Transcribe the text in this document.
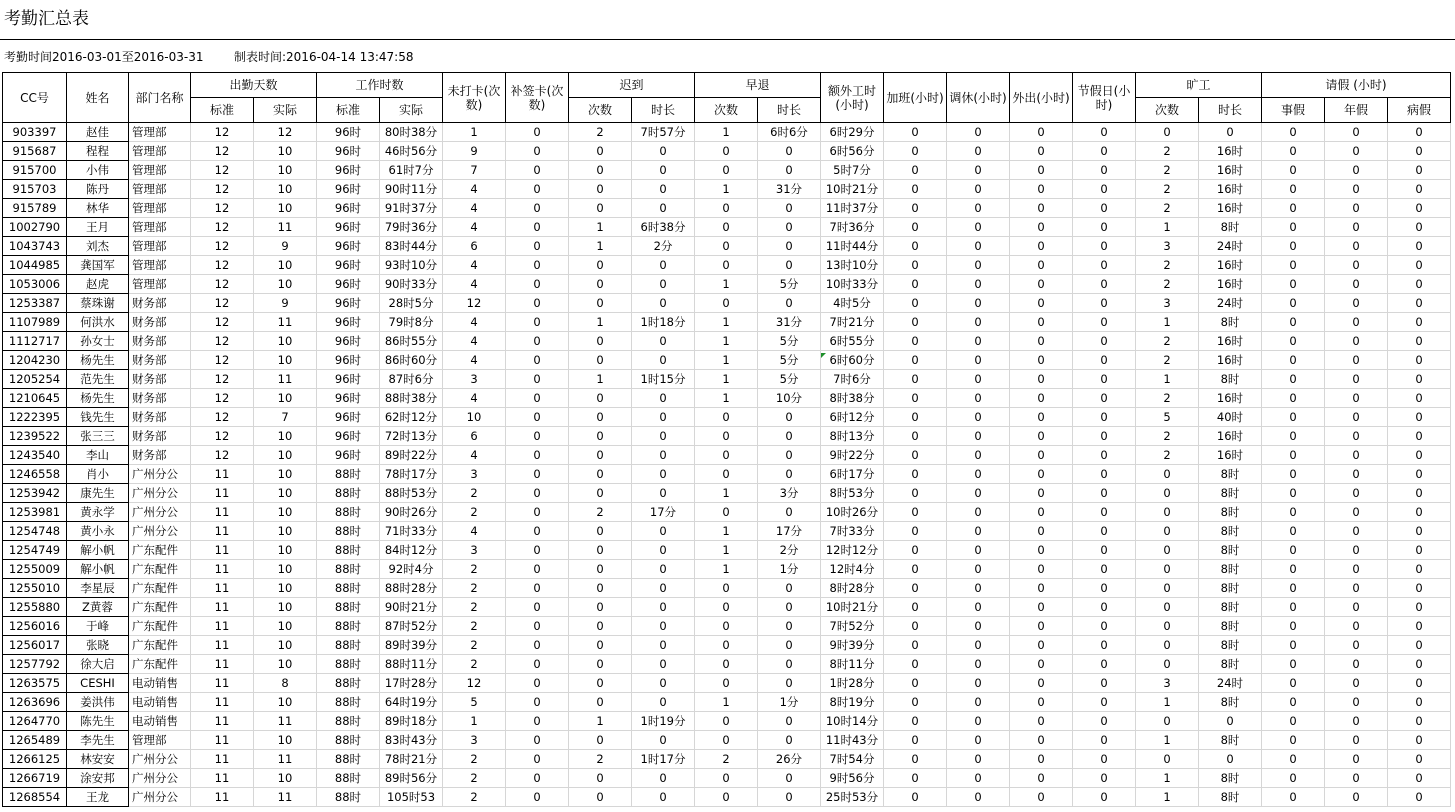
考勤汇总表
考勤时间2016-03-01至2016-03-31        制表时间:2016-04-14 13:47:58
CC号	姓名	部门名称	出勤天数		工作时数		未打卡(次数)	补签卡(次数)	迟到		早退		额外工时(小时)	加班(小时)	调休(小时)	外出(小时)	节假日(小时)	旷工		请假 (小时)		
			标准	实际	标准	实际			次数	时长	次数	时长						次数	时长	事假	年假	病假
903397	赵佳	管理部	12	12	96时	80时38分	1	0	2	7时57分	1	6时6分	6时29分	0	0	0	0	0	0	0	0	0
915687	程程	管理部	12	10	96时	46时56分	9	0	0	0	0	0	6时56分	0	0	0	0	2	16时	0	0	0
915700	小伟	管理部	12	10	96时	61时7分	7	0	0	0	0	0	5时7分	0	0	0	0	2	16时	0	0	0
915703	陈丹	管理部	12	10	96时	90时11分	4	0	0	0	1	31分	10时21分	0	0	0	0	2	16时	0	0	0
915789	林华	管理部	12	10	96时	91时37分	4	0	0	0	0	0	11时37分	0	0	0	0	2	16时	0	0	0
1002790	王月	管理部	12	11	96时	79时36分	4	0	1	6时38分	0	0	7时36分	0	0	0	0	1	8时	0	0	0
1043743	刘杰	管理部	12	9	96时	83时44分	6	0	1	2分	0	0	11时44分	0	0	0	0	3	24时	0	0	0
1044985	龚国军	管理部	12	10	96时	93时10分	4	0	0	0	0	0	13时10分	0	0	0	0	2	16时	0	0	0
1053006	赵虎	管理部	12	10	96时	90时33分	4	0	0	0	1	5分	10时33分	0	0	0	0	2	16时	0	0	0
1253387	蔡珠谢	财务部	12	9	96时	28时5分	12	0	0	0	0	0	4时5分	0	0	0	0	3	24时	0	0	0
1107989	何洪水	财务部	12	11	96时	79时8分	4	0	1	1时18分	1	31分	7时21分	0	0	0	0	1	8时	0	0	0
1112717	孙女士	财务部	12	10	96时	86时55分	4	0	0	0	1	5分	6时55分	0	0	0	0	2	16时	0	0	0
1204230	杨先生	财务部	12	10	96时	86时60分	4	0	0	0	1	5分	6时60分	0	0	0	0	2	16时	0	0	0
1205254	范先生	财务部	12	11	96时	87时6分	3	0	1	1时15分	1	5分	7时6分	0	0	0	0	1	8时	0	0	0
1210645	杨先生	财务部	12	10	96时	88时38分	4	0	0	0	1	10分	8时38分	0	0	0	0	2	16时	0	0	0
1222395	钱先生	财务部	12	7	96时	62时12分	10	0	0	0	0	0	6时12分	0	0	0	0	5	40时	0	0	0
1239522	张三三	财务部	12	10	96时	72时13分	6	0	0	0	0	0	8时13分	0	0	0	0	2	16时	0	0	0
1243540	李山	财务部	12	10	96时	89时22分	4	0	0	0	0	0	9时22分	0	0	0	0	2	16时	0	0	0
1246558	肖小	广州分公	11	10	88时	78时17分	3	0	0	0	0	0	6时17分	0	0	0	0	0	8时	0	0	0
1253942	康先生	广州分公	11	10	88时	88时53分	2	0	0	0	1	3分	8时53分	0	0	0	0	0	8时	0	0	0
1253981	黄永学	广州分公	11	10	88时	90时26分	2	0	2	17分	0	0	10时26分	0	0	0	0	0	8时	0	0	0
1254748	黄小永	广州分公	11	10	88时	71时33分	4	0	0	0	1	17分	7时33分	0	0	0	0	0	8时	0	0	0
1254749	解小帆	广东配件	11	10	88时	84时12分	3	0	0	0	1	2分	12时12分	0	0	0	0	0	8时	0	0	0
1255009	解小帆	广东配件	11	10	88时	92时4分	2	0	0	0	1	1分	12时4分	0	0	0	0	0	8时	0	0	0
1255010	李星辰	广东配件	11	10	88时	88时28分	2	0	0	0	0	0	8时28分	0	0	0	0	0	8时	0	0	0
1255880	Z黄蓉	广东配件	11	10	88时	90时21分	2	0	0	0	0	0	10时21分	0	0	0	0	0	8时	0	0	0
1256016	于峰	广东配件	11	10	88时	87时52分	2	0	0	0	0	0	7时52分	0	0	0	0	0	8时	0	0	0
1256017	张晓	广东配件	11	10	88时	89时39分	2	0	0	0	0	0	9时39分	0	0	0	0	0	8时	0	0	0
1257792	徐大启	广东配件	11	10	88时	88时11分	2	0	0	0	0	0	8时11分	0	0	0	0	0	8时	0	0	0
1263575	CESHI	电动销售	11	8	88时	17时28分	12	0	0	0	0	0	1时28分	0	0	0	0	3	24时	0	0	0
1263696	姜洪伟	电动销售	11	10	88时	64时19分	5	0	0	0	1	1分	8时19分	0	0	0	0	1	8时	0	0	0
1264770	陈先生	电动销售	11	11	88时	89时18分	1	0	1	1时19分	0	0	10时14分	0	0	0	0	0	0	0	0	0
1265489	李先生	管理部	11	10	88时	83时43分	3	0	0	0	0	0	11时43分	0	0	0	0	1	8时	0	0	0
1266125	林安安	广州分公	11	11	88时	78时21分	2	0	2	1时17分	2	26分	7时54分	0	0	0	0	0	0	0	0	0
1266719	涂安邦	广州分公	11	10	88时	89时56分	2	0	0	0	0	0	9时56分	0	0	0	0	1	8时	0	0	0
1268554	王龙	广州分公	11	11	88时	105时53	2	0	0	0	0	0	25时53分	0	0	0	0	1	8时	0	0	0
